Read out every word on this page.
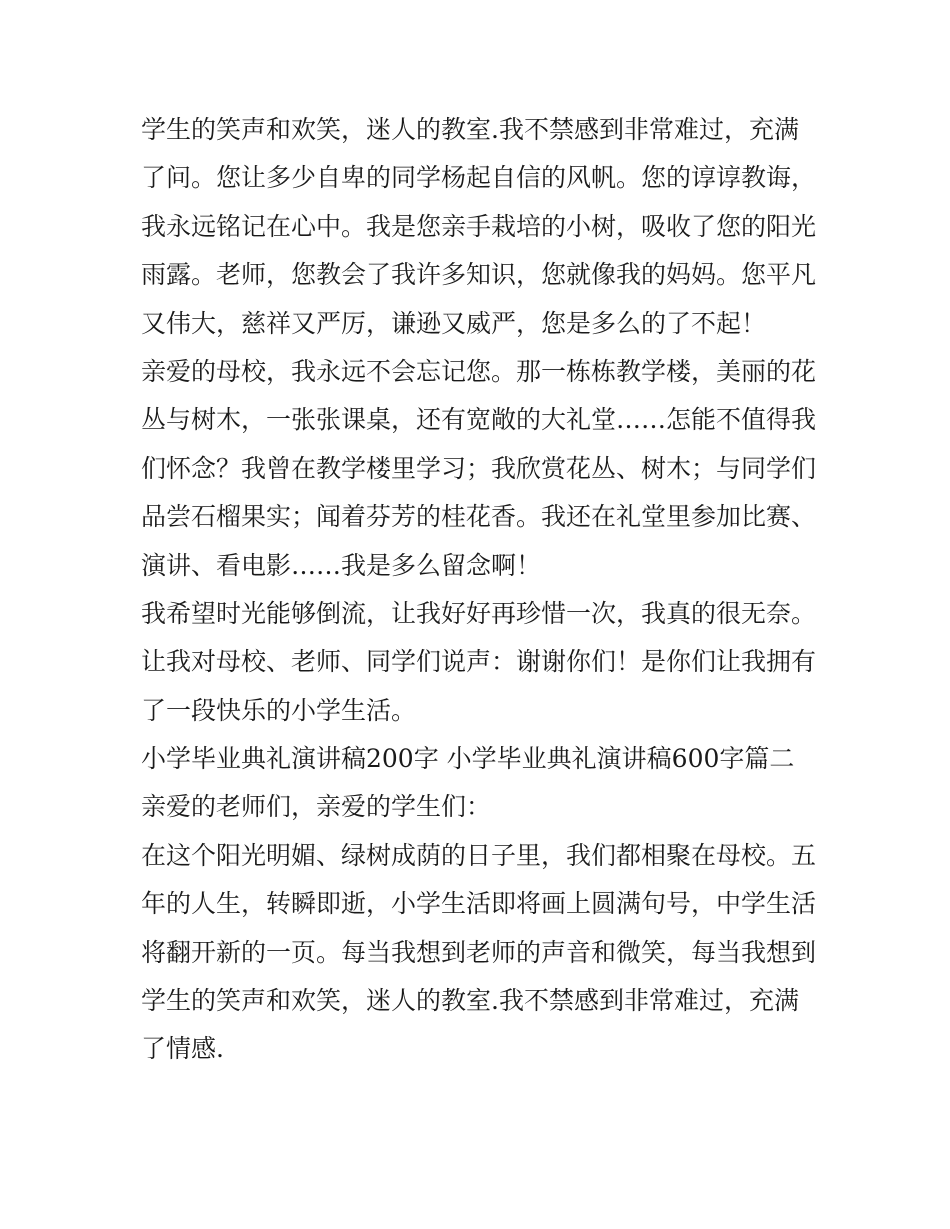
学生的笑声和欢笑，迷人的教室.我不禁感到非常难过，充满
了问。您让多少自卑的同学杨起自信的风帆。您的谆谆教诲，
我永远铭记在心中。我是您亲手栽培的小树，吸收了您的阳光
雨露。老师，您教会了我许多知识，您就像我的妈妈。您平凡
又伟大，慈祥又严厉，谦逊又威严，您是多么的了不起！
亲爱的母校，我永远不会忘记您。那一栋栋教学楼，美丽的花
丛与树木，一张张课桌，还有宽敞的大礼堂……怎能不值得我
们怀念？我曾在教学楼里学习；我欣赏花丛、树木；与同学们
品尝石榴果实；闻着芬芳的桂花香。我还在礼堂里参加比赛、
演讲、看电影……我是多么留念啊！
我希望时光能够倒流，让我好好再珍惜一次，我真的很无奈。
让我对母校、老师、同学们说声：谢谢你们！是你们让我拥有
了一段快乐的小学生活。
小学毕业典礼演讲稿200字 小学毕业典礼演讲稿600字篇二
亲爱的老师们，亲爱的学生们：
在这个阳光明媚、绿树成荫的日子里，我们都相聚在母校。五
年的人生，转瞬即逝，小学生活即将画上圆满句号，中学生活
将翻开新的一页。每当我想到老师的声音和微笑，每当我想到
学生的笑声和欢笑，迷人的教室.我不禁感到非常难过，充满
了情感.
